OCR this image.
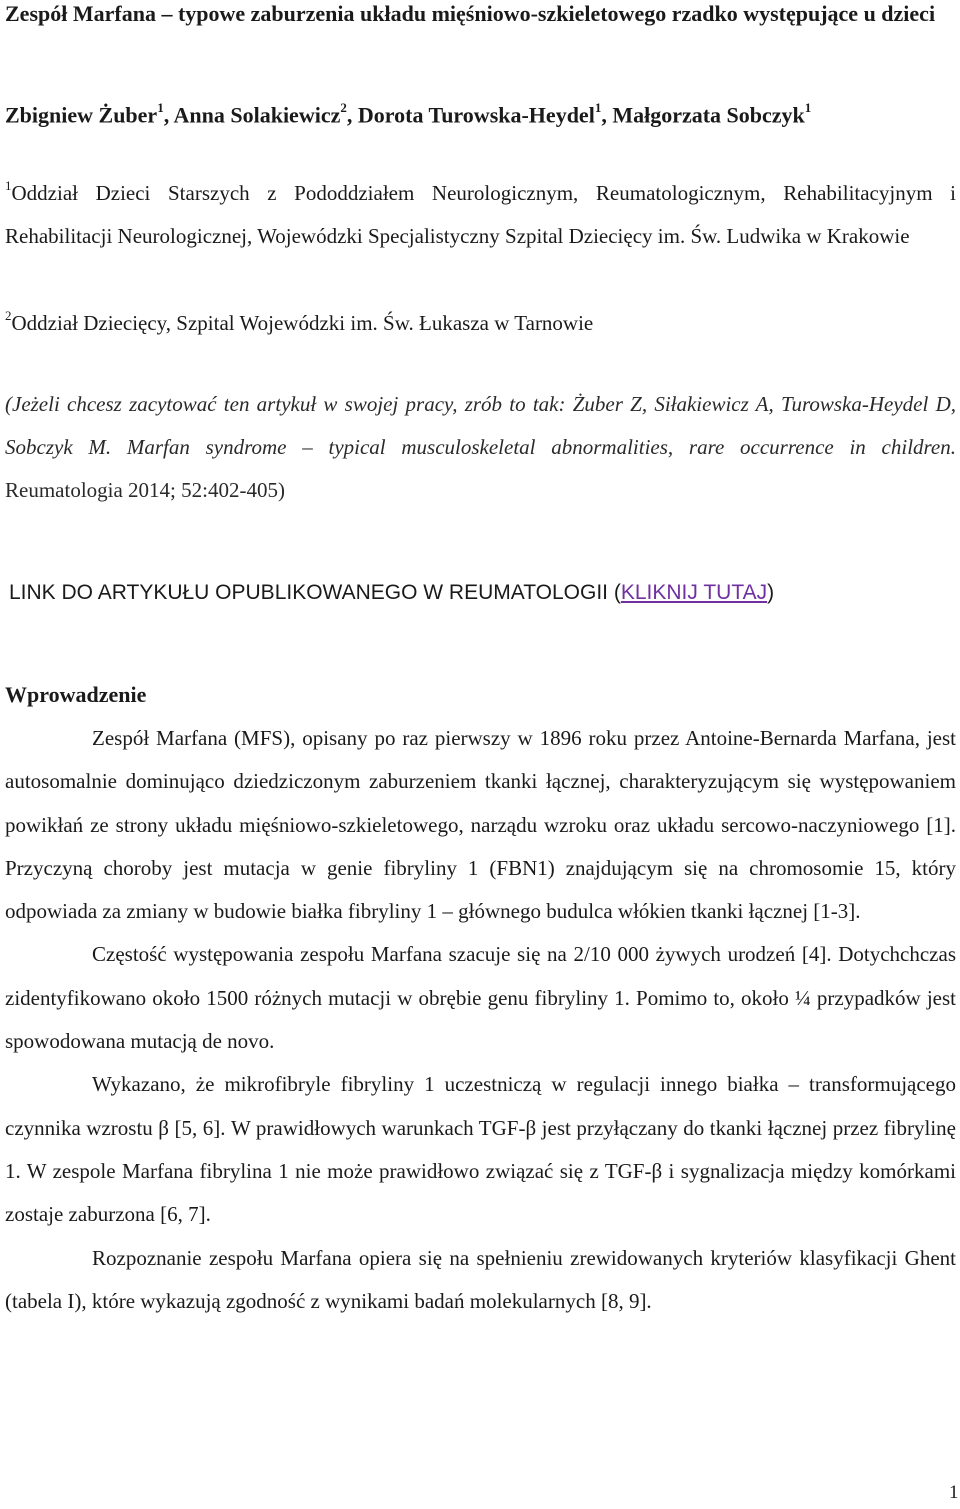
Zespół Marfana – typowe zaburzenia układu mięśniowo-szkieletowego rzadko występujące u dzieci
Zbigniew Żuber$^1$, Anna Solakiewicz$^2$, Dorota Turowska-Heydel$^1$, Małgorzata Sobczyk$^1$
$^1$Oddział Dzieci Starszych z Pododdziałem Neurologicznym, Reumatologicznym, Rehabilitacyjnym i Rehabilitacji Neurologicznej, Wojewódzki Specjalistyczny Szpital Dziecięcy im. Św. Ludwika w Krakowie
$^2$Oddział Dziecięcy, Szpital Wojewódzki im. Św. Łukasza w Tarnowie
(Jeżeli chcesz zacytować ten artykuł w swojej pracy, zrób to tak: Żuber Z, Siłakiewicz A, Turowska-Heydel D, Sobczyk M. Marfan syndrome – typical musculoskeletal abnormalities, rare occurrence in children. Reumatologia 2014; 52:402-405)
LINK DO ARTYKUŁU OPUBLIKOWANEGO W REUMATOLOGII (KLIKNIJ TUTAJ)
Wprowadzenie

Zespół Marfana (MFS), opisany po raz pierwszy w 1896 roku przez Antoine-Bernarda Marfana, jest autosomalnie dominująco dziedziczonym zaburzeniem tkanki łącznej, charakteryzującym się występowaniem powikłań ze strony układu mięśniowo-szkieletowego, narządu wzroku oraz układu sercowo-naczyniowego [1]. Przyczyną choroby jest mutacja w genie fibryliny 1 (FBN1) znajdującym się na chromosomie 15, który odpowiada za zmiany w budowie białka fibryliny 1 – głównego budulca włókien tkanki łącznej [1-3].

Częstość występowania zespołu Marfana szacuje się na 2/10 000 żywych urodzeń [4]. Dotychchczas zidentyfikowano około 1500 różnych mutacji w obrębie genu fibryliny 1. Pomimo to, około ¼ przypadków jest spowodowana mutacją de novo.

Wykazano, że mikrofibryle fibryliny 1 uczestniczą w regulacji innego białka – transformującego czynnika wzrostu β [5, 6]. W prawidłowych warunkach TGF-β jest przyłączany do tkanki łącznej przez fibrylinę 1. W zespole Marfana fibrylina 1 nie może prawidłowo związać się z TGF-β i sygnalizacja między komórkami zostaje zaburzona [6, 7].

Rozpoznanie zespołu Marfana opiera się na spełnieniu zrewidowanych kryteriów klasyfikacji Ghent (tabela I), które wykazują zgodność z wynikami badań molekularnych [8, 9].

1
